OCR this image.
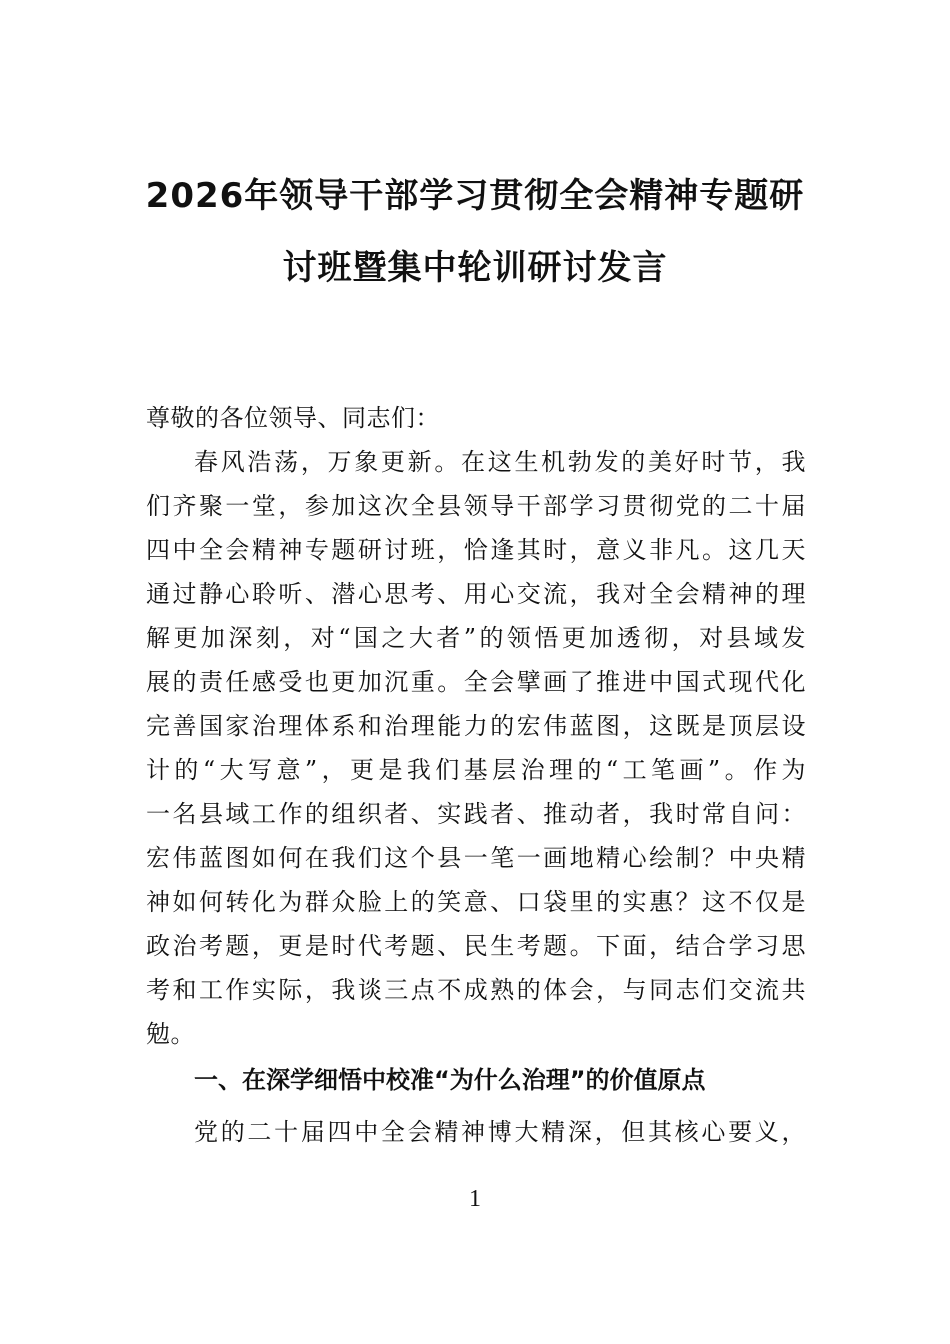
2026年领导干部学习贯彻全会精神专题研
讨班暨集中轮训研讨发言
尊敬的各位领导、同志们：
春风浩荡，万象更新。在这生机勃发的美好时节，我
们齐聚一堂，参加这次全县领导干部学习贯彻党的二十届
四中全会精神专题研讨班，恰逢其时，意义非凡。这几天
通过静心聆听、潜心思考、用心交流，我对全会精神的理
解更加深刻，对“国之大者”的领悟更加透彻，对县域发
展的责任感受也更加沉重。全会擘画了推进中国式现代化
完善国家治理体系和治理能力的宏伟蓝图，这既是顶层设
计的“大写意”，更是我们基层治理的“工笔画”。作为
一名县域工作的组织者、实践者、推动者，我时常自问：
宏伟蓝图如何在我们这个县一笔一画地精心绘制？中央精
神如何转化为群众脸上的笑意、口袋里的实惠？这不仅是
政治考题，更是时代考题、民生考题。下面，结合学习思
考和工作实际，我谈三点不成熟的体会，与同志们交流共
勉。
一、在深学细悟中校准“为什么治理”的价值原点
党的二十届四中全会精神博大精深，但其核心要义，
1
